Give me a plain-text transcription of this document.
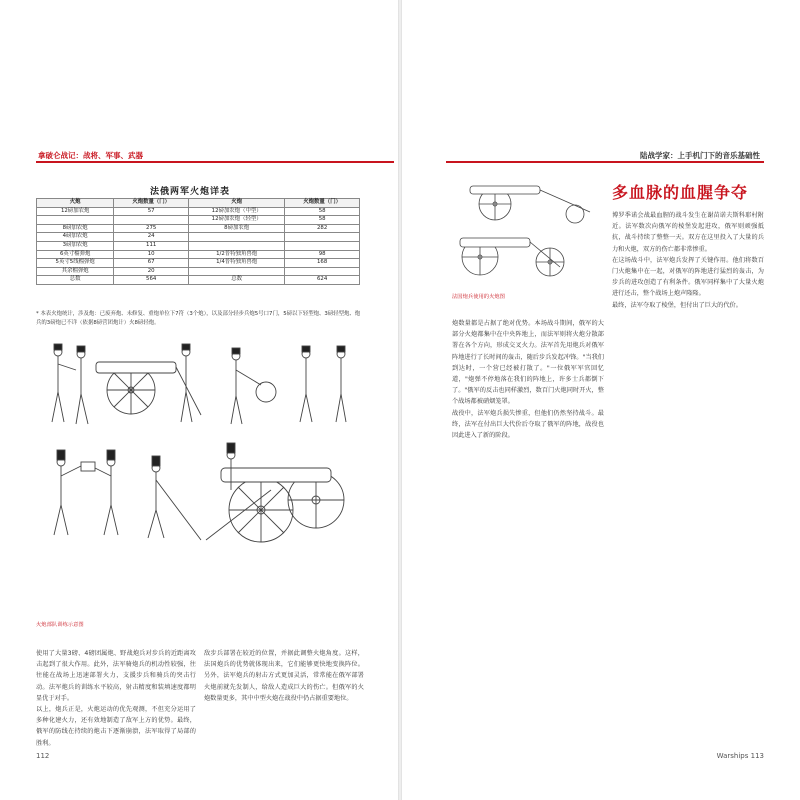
拿破仑战记：战将、军事、武器	陆战学家：上手机门下的音乐基础性
法俄两军火炮详表
火炮	火炮数量（门）	火炮	火炮数量（门）
12磅加农炮	57	12磅加农炮（中型）	58
		12磅加农炮（轻型）	58
8磅加农炮	275	8磅加农炮	282
4磅加农炮	24		
3磅加农炮	111		
6英寸榴弹炮	10	1/2普特独角兽炮	98
5英寸5线榴弹炮	67	1/4普特独角兽炮	168
其余榴弹炮	20		
总数	564	总数	624
* 本表火炮统计，涉及炮：已废弃炮、未修复、重炮单位下7符（3个炮），以及部分轻步兵炮5号口7门，5磅以下轻型炮、3磅轻型炮、炮兵的3磅炮已不详（依据8磅营团炮计）火8磅轻炮。
火炮部队训练示意图
法国炮兵使用的火炮图
多血脉的血腥争夺
使用了大量3磅、4磅团属炮、野战炮兵对步兵的近距离攻击起到了很大作用。此外，法军骑炮兵的机动性较强，往往能在战场上迅速部署火力，支援步兵和骑兵的突击行动。法军炮兵的训练水平较高，射击精度和装填速度都明显优于对手。
以上，炮兵正是，火炮运动的优先观测，不但充分运用了多种化建火力，还有效地制造了敌军上方的优势。最终，俄军的防线在持续的炮击下逐渐崩溃，法军取得了局部的胜利。
敌步兵部署在较近的位置，并据此调整火炮角度。这样，法国炮兵的优势就体现出来，它们能够更快地变换阵位。另外，法军炮兵的射击方式更加灵活，常常能在俄军部署火炮前就先发制人，给敌人造成巨大的伤亡。但俄军的火炮数量更多，其中中型火炮在战役中仍占据重要地位。
炮数量都是占据了绝对优势。本场战斗期间，俄军的大部分火炮都集中在中央阵地上，而法军则将火炮分散部署在各个方向，形成交叉火力。法军首先用炮兵对俄军阵地进行了长时间的轰击，随后步兵发起冲锋。"当我们到达时，一个营已经被打散了。"一位俄军军官回忆道，"炮弹不停地落在我们的阵地上，许多士兵都倒下了。"俄军的反击也同样激烈，数百门火炮同时开火，整个战场都被硝烟笼罩。
战役中，法军炮兵损失惨重，但他们仍然坚持战斗。最终，法军在付出巨大代价后夺取了俄军的阵地，战役也因此进入了新的阶段。
博罗季诺会战最血腥的战斗发生在谢苗诺夫斯科耶村附近。法军数次向俄军的棱堡发起进攻，俄军则顽强抵抗，战斗持续了整整一天。双方在这里投入了大量的兵力和火炮，双方的伤亡都非常惨重。
在这场战斗中，法军炮兵发挥了关键作用。他们将数百门火炮集中在一起，对俄军的阵地进行猛烈的轰击，为步兵的进攻创造了有利条件。俄军同样集中了大量火炮进行还击，整个战场上炮声隆隆。
最终，法军夺取了棱堡，但付出了巨大的代价。
112	Warships 113
